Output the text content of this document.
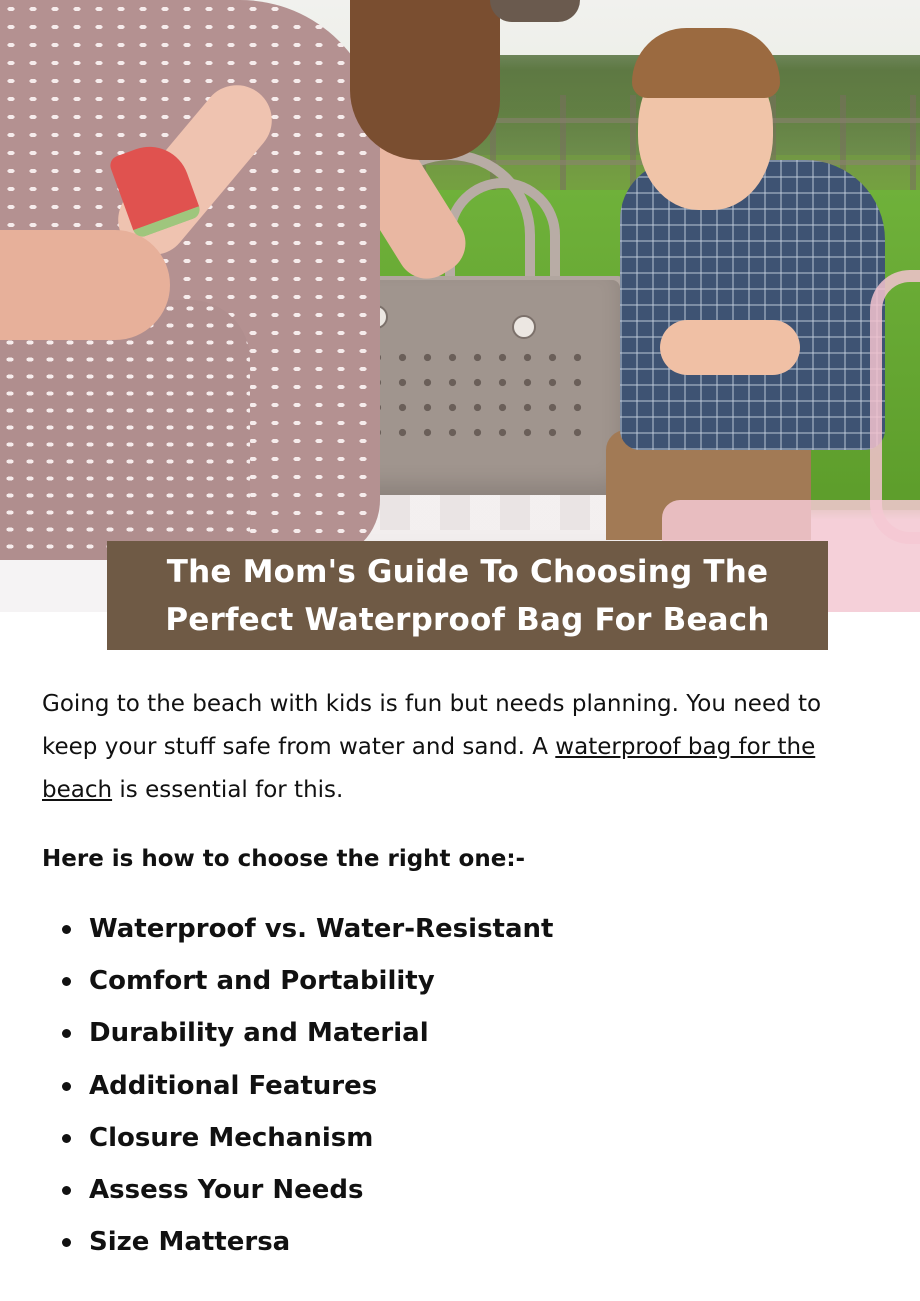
The Mom's Guide To Choosing The
Perfect Waterproof Bag For Beach

Going to the beach with kids is fun but needs planning. You need to keep your stuff safe from water and sand. A waterproof bag for the beach is essential for this.

Here is how to choose the right one:-
Waterproof vs. Water-Resistant
Comfort and Portability
Durability and Material
Additional Features
Closure Mechanism
Assess Your Needs
Size Mattersa
